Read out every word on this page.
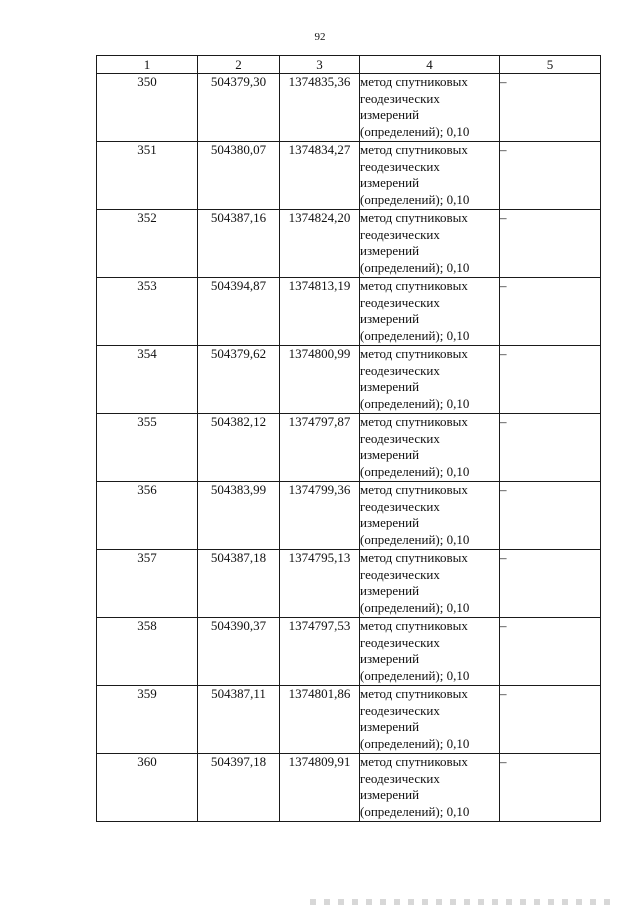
92
1	2	3	4	5
350	504379,30	1374835,36	метод спутниковых
геодезических
измерений
(определений); 0,10	–
351	504380,07	1374834,27	метод спутниковых
геодезических
измерений
(определений); 0,10	–
352	504387,16	1374824,20	метод спутниковых
геодезических
измерений
(определений); 0,10	–
353	504394,87	1374813,19	метод спутниковых
геодезических
измерений
(определений); 0,10	–
354	504379,62	1374800,99	метод спутниковых
геодезических
измерений
(определений); 0,10	–
355	504382,12	1374797,87	метод спутниковых
геодезических
измерений
(определений); 0,10	–
356	504383,99	1374799,36	метод спутниковых
геодезических
измерений
(определений); 0,10	–
357	504387,18	1374795,13	метод спутниковых
геодезических
измерений
(определений); 0,10	–
358	504390,37	1374797,53	метод спутниковых
геодезических
измерений
(определений); 0,10	–
359	504387,11	1374801,86	метод спутниковых
геодезических
измерений
(определений); 0,10	–
360	504397,18	1374809,91	метод спутниковых
геодезических
измерений
(определений); 0,10	–
